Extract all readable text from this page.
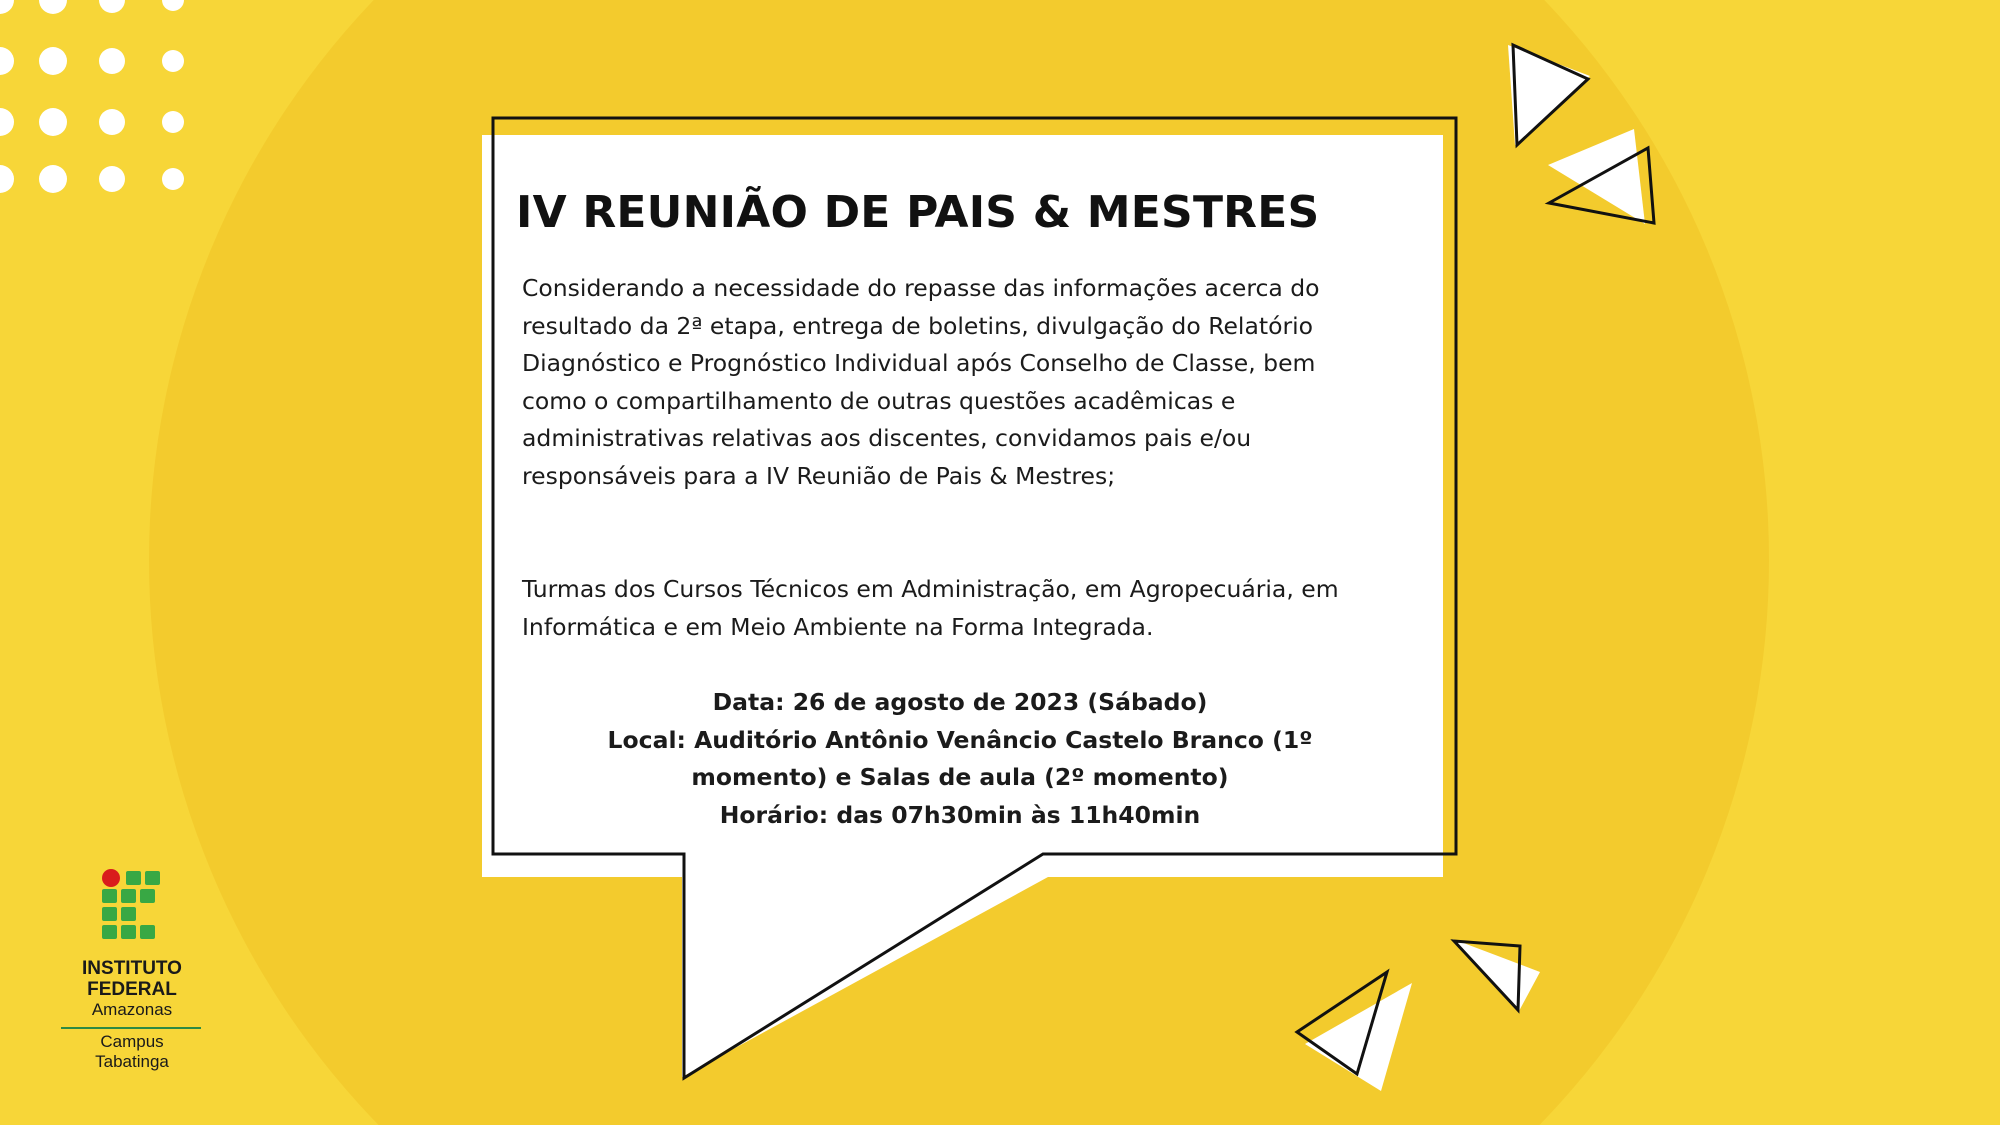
IV REUNIÃO DE PAIS & MESTRES

Considerando a necessidade do repasse das informações acerca do resultado da 2ª etapa, entrega de boletins, divulgação do Relatório Diagnóstico e Prognóstico Individual após Conselho de Classe, bem como o compartilhamento de outras questões acadêmicas e administrativas relativas aos discentes, convidamos pais e/ou responsáveis para a IV Reunião de Pais & Mestres;

Turmas dos Cursos Técnicos em Administração, em Agropecuária, em Informática e em Meio Ambiente na Forma Integrada.

Data: 26 de agosto de 2023 (Sábado)
Local: Auditório Antônio Venâncio Castelo Branco (1º
momento) e Salas de aula (2º momento)
Horário: das 07h30min às 11h40min
INSTITUTO
FEDERAL
Amazonas
Campus
Tabatinga
